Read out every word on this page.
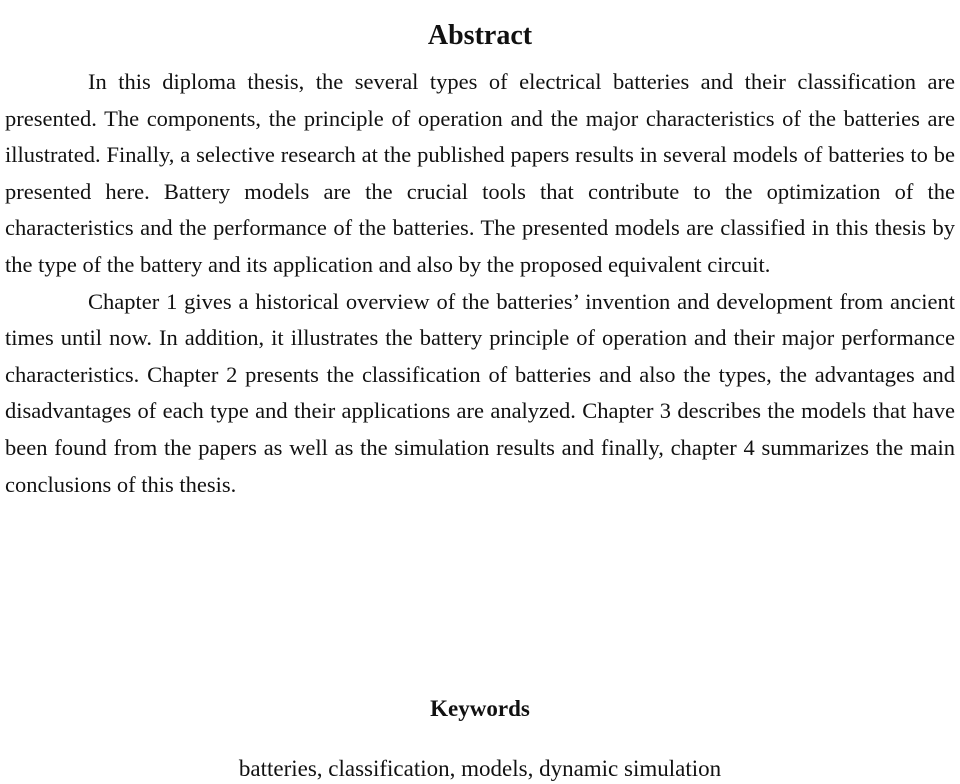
Abstract

In this diploma thesis, the several types of electrical batteries and their classification are presented. The components, the principle of operation and the major characteristics of the batteries are illustrated. Finally, a selective research at the published papers results in several models of batteries to be presented here. Battery models are the crucial tools that contribute to the optimization of the characteristics and the performance of the batteries. The presented models are classified in this thesis by the type of the battery and its application and also by the proposed equivalent circuit.

Chapter 1 gives a historical overview of the batteries’ invention and development from ancient times until now. In addition, it illustrates the battery principle of operation and their major performance characteristics. Chapter 2 presents the classification of batteries and also the types, the advantages and disadvantages of each type and their applications are analyzed. Chapter 3 describes the models that have been found from the papers as well as the simulation results and finally, chapter 4 summarizes the main conclusions of this thesis.

Keywords
batteries, classification, models, dynamic simulation
